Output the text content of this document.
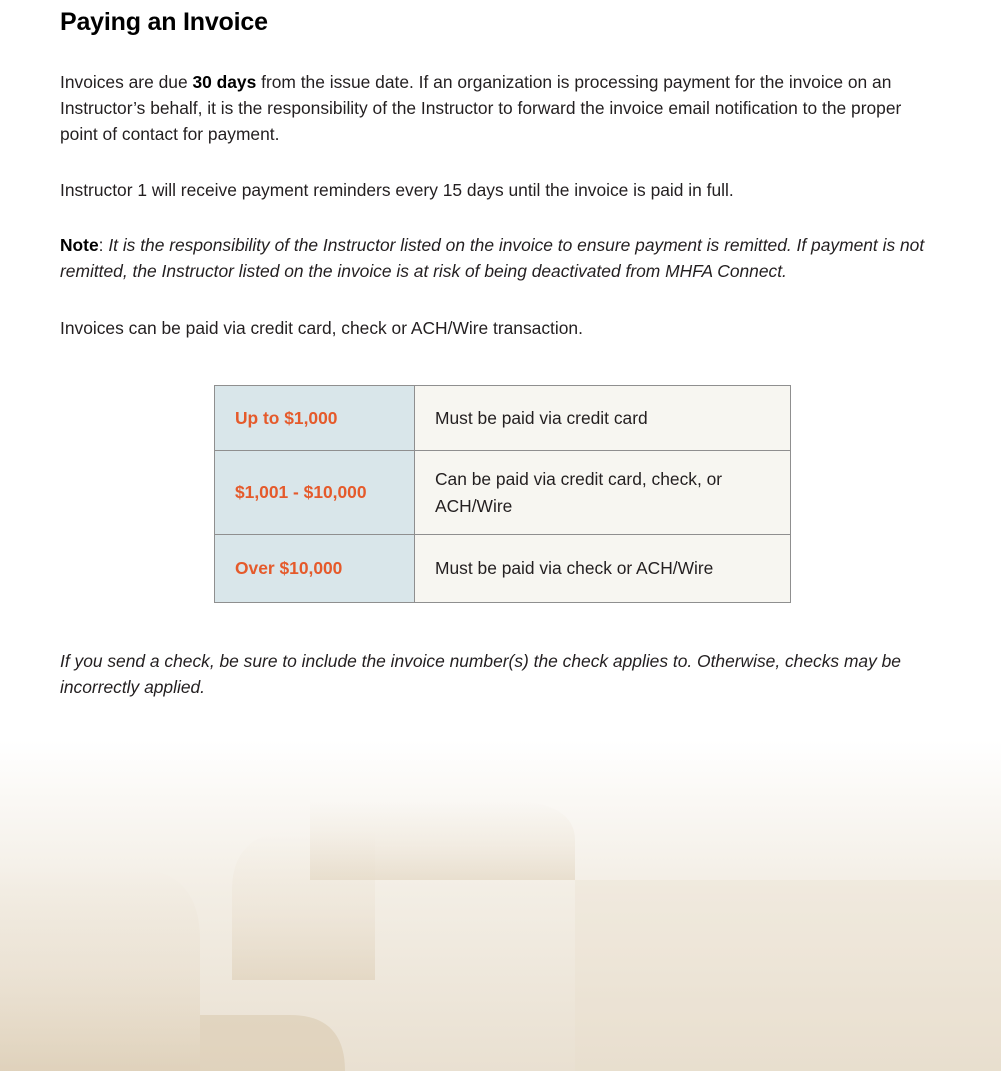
Paying an Invoice

Invoices are due 30 days from the issue date. If an organization is processing payment for the invoice on an Instructor’s behalf, it is the responsibility of the Instructor to forward the invoice email notification to the proper point of contact for payment.

Instructor 1 will receive payment reminders every 15 days until the invoice is paid in full.

Note: It is the responsibility of the Instructor listed on the invoice to ensure payment is remitted. If payment is not remitted, the Instructor listed on the invoice is at risk of being deactivated from MHFA Connect.

Invoices can be paid via credit card, check or ACH/Wire transaction.

If you send a check, be sure to include the invoice number(s) the check applies to. Otherwise, checks may be incorrectly applied.

Up to $1,000	Must be paid via credit card
$1,001 - $10,000	Can be paid via credit card, check, or ACH/Wire
Over $10,000	Must be paid via check or ACH/Wire
